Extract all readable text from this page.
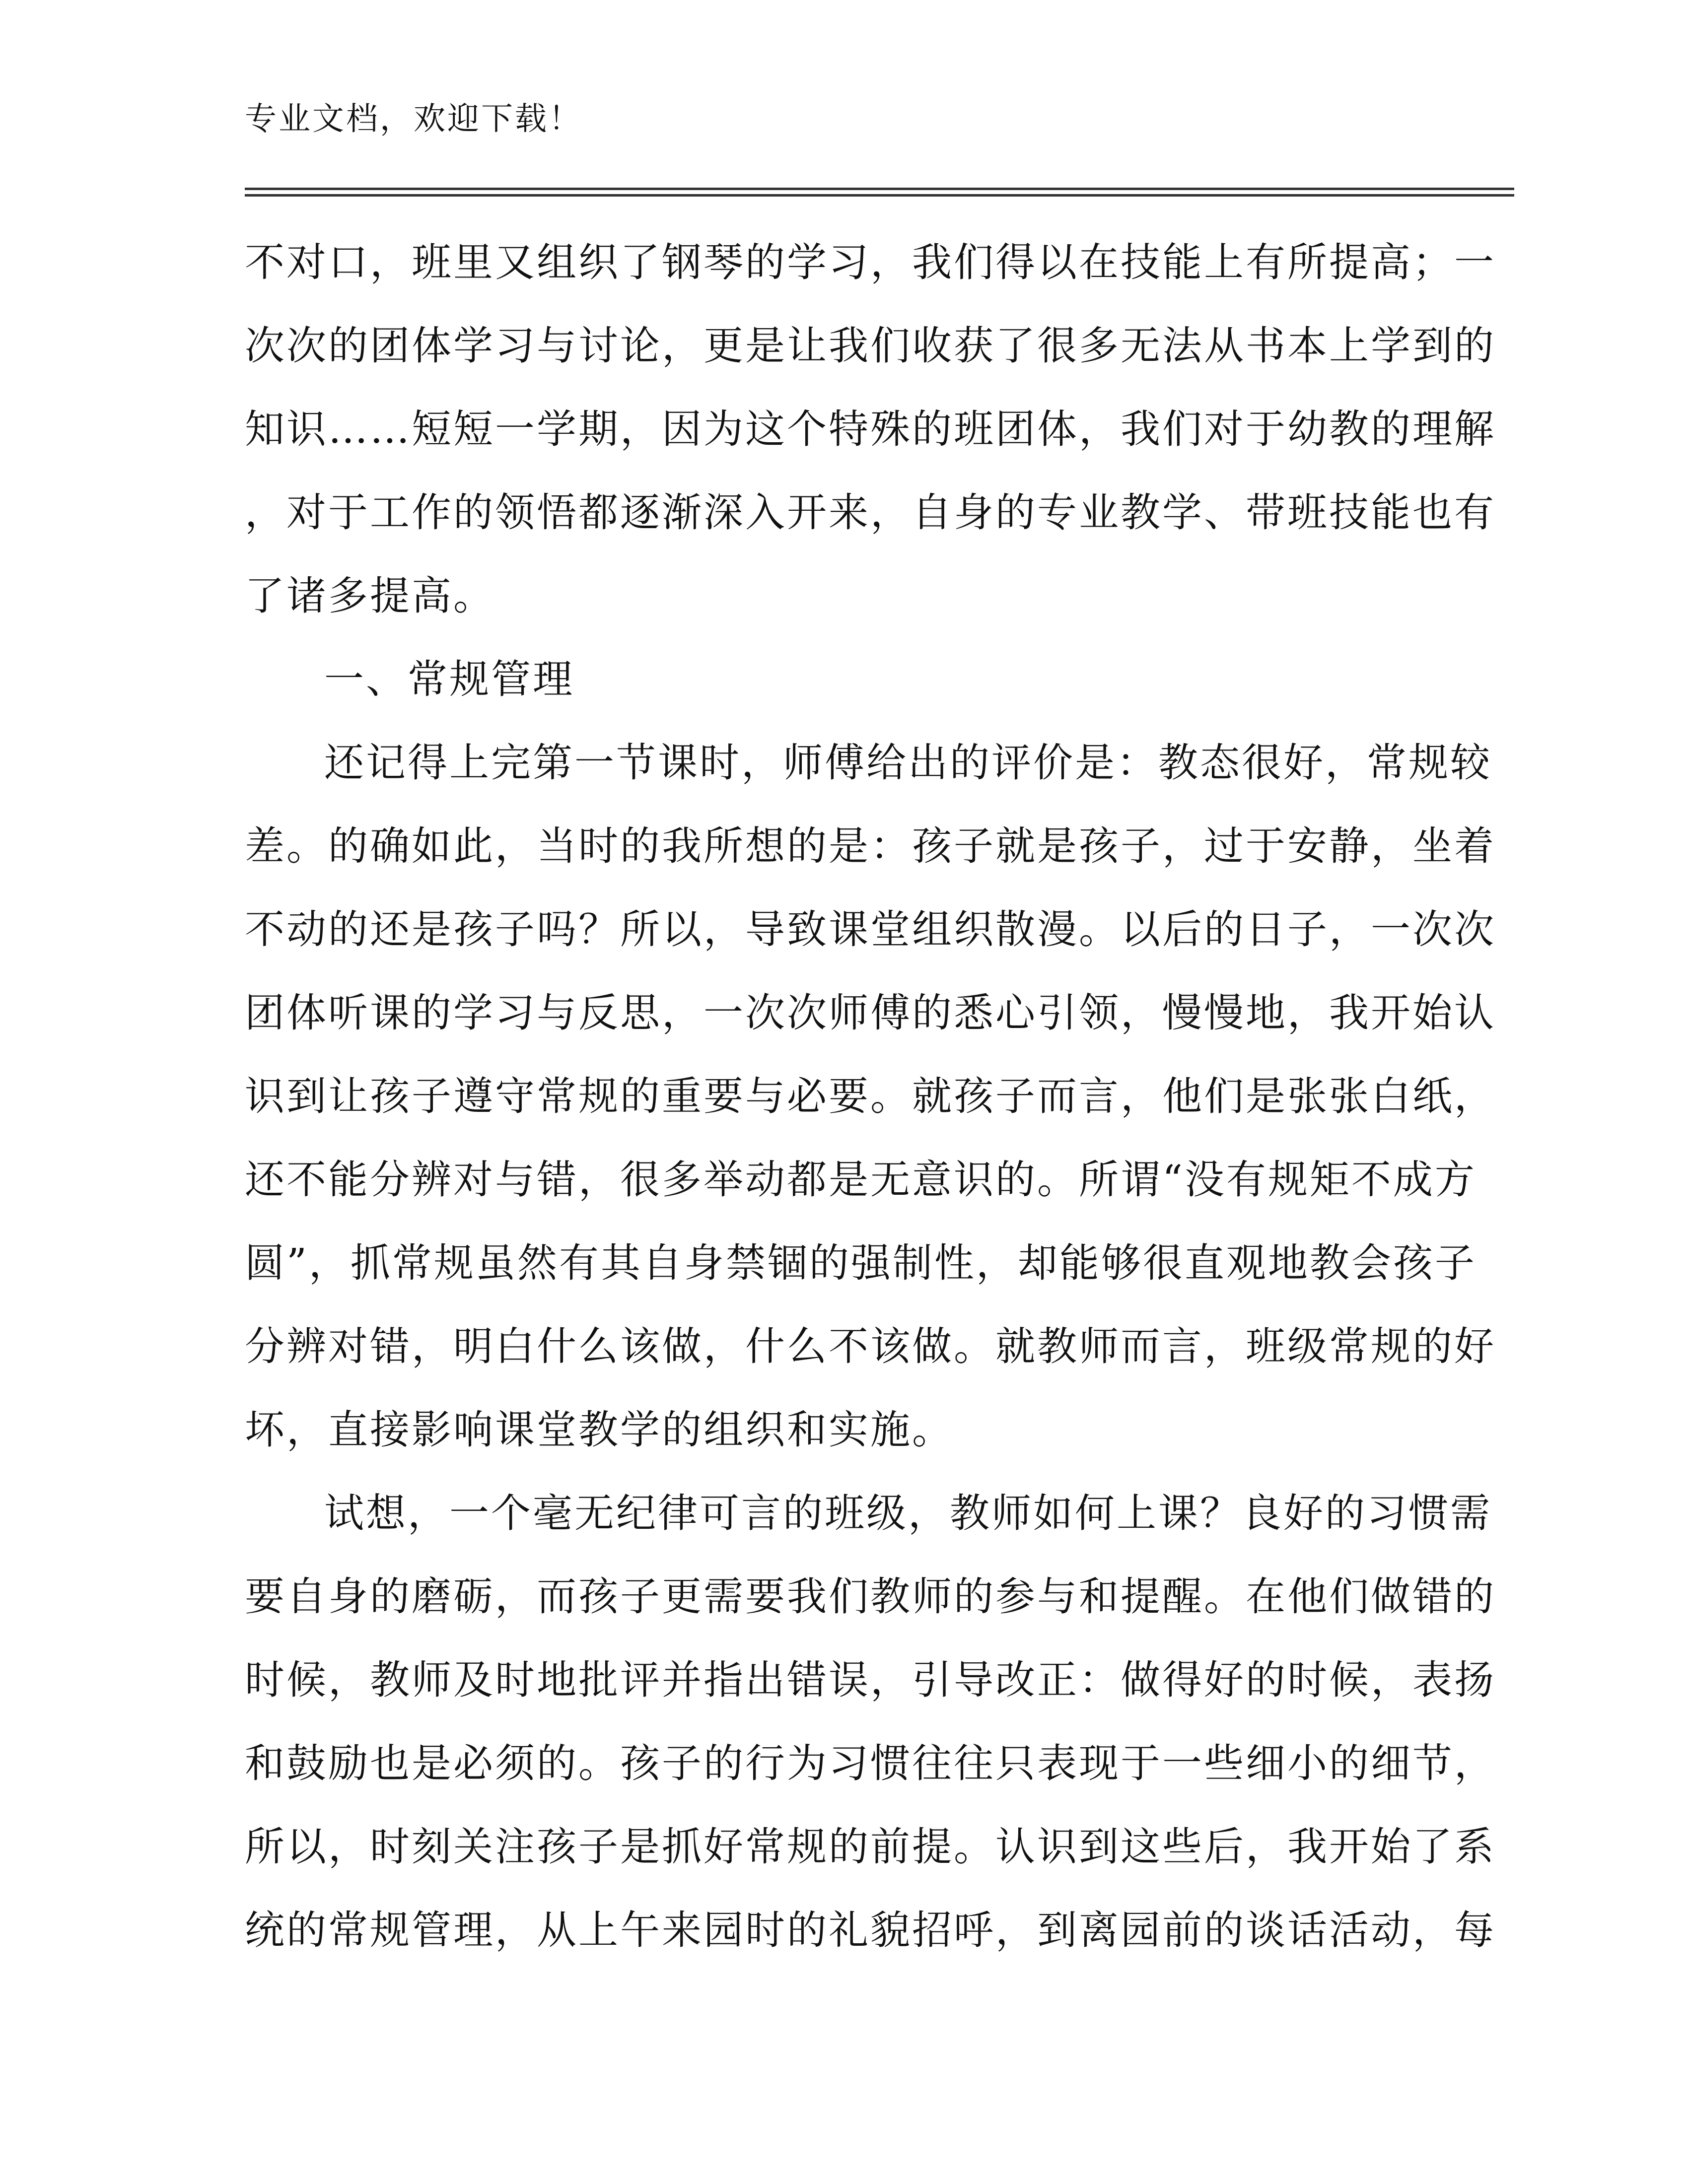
专业文档，欢迎下载！
不对口，班里又组织了钢琴的学习，我们得以在技能上有所提高；一
次次的团体学习与讨论，更是让我们收获了很多无法从书本上学到的
知识……短短一学期，因为这个特殊的班团体，我们对于幼教的理解
，对于工作的领悟都逐渐深入开来，自身的专业教学、带班技能也有
了诸多提高。
一、常规管理
还记得上完第一节课时，师傅给出的评价是：教态很好，常规较
差。的确如此，当时的我所想的是：孩子就是孩子，过于安静，坐着
不动的还是孩子吗？所以，导致课堂组织散漫。以后的日子，一次次
团体听课的学习与反思，一次次师傅的悉心引领，慢慢地，我开始认
识到让孩子遵守常规的重要与必要。就孩子而言，他们是张张白纸，
还不能分辨对与错，很多举动都是无意识的。所谓“没有规矩不成方
圆”，抓常规虽然有其自身禁锢的强制性，却能够很直观地教会孩子
分辨对错，明白什么该做，什么不该做。就教师而言，班级常规的好
坏，直接影响课堂教学的组织和实施。
试想，一个毫无纪律可言的班级，教师如何上课？良好的习惯需
要自身的磨砺，而孩子更需要我们教师的参与和提醒。在他们做错的
时候，教师及时地批评并指出错误，引导改正：做得好的时候，表扬
和鼓励也是必须的。孩子的行为习惯往往只表现于一些细小的细节，
所以，时刻关注孩子是抓好常规的前提。认识到这些后，我开始了系
统的常规管理，从上午来园时的礼貌招呼，到离园前的谈话活动，每
